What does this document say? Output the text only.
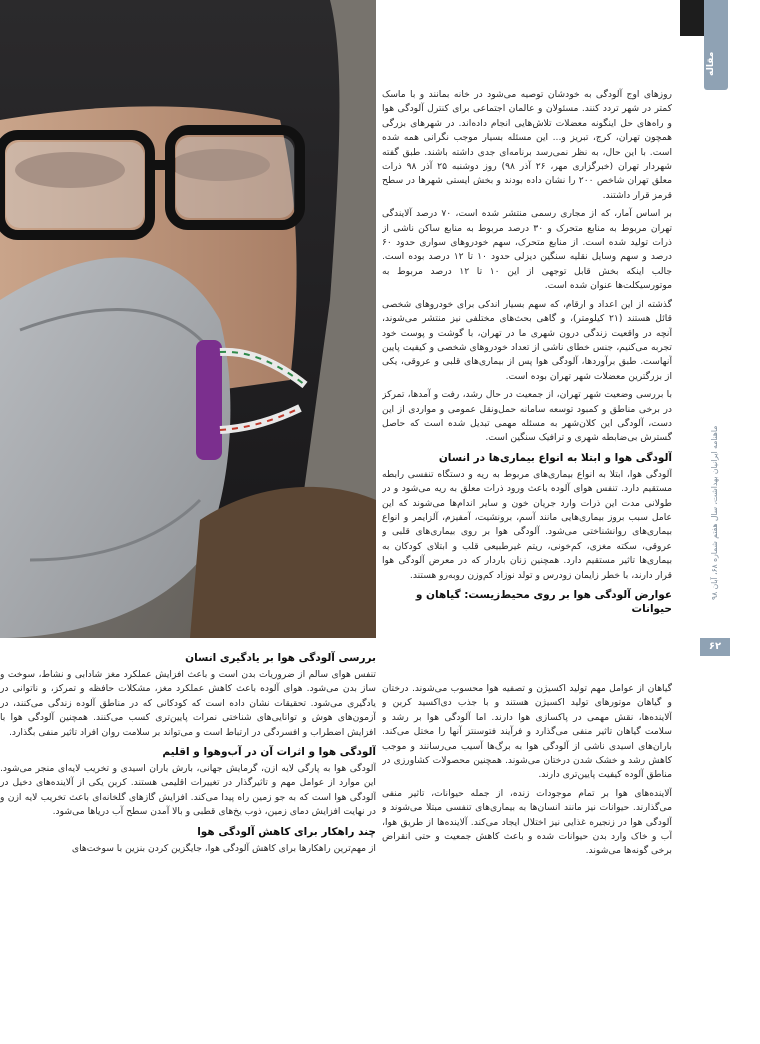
مقاله
ماهنامه ایرانیان بهداشت، سال هفتم شماره ۶۸، آبان ۹۸
۶۲

روزهای اوج آلودگی به خودشان توصیه می‌شود در خانه بمانند و با ماسک کمتر در شهر تردد کنند. مسئولان و عالمان اجتماعی برای کنترل آلودگی هوا و راه‌های حل اینگونه معضلات تلاش‌هایی انجام داده‌اند. در شهرهای بزرگی همچون تهران، کرج، تبریز و... این مسئله بسیار موجب نگرانی همه شده است. با این حال، به نظر نمی‌رسد برنامه‌ای جدی داشته باشند. طبق گفته شهردار تهران (خبرگزاری مهر، ۲۶ آذر ۹۸) روز دوشنبه ۲۵ آذر ۹۸ ذرات معلق تهران شاخص ۲۰۰ را نشان داده بودند و بخش ایستی شهرها در سطح قرمز قرار داشتند.

بر اساس آمار، که از مجاری رسمی منتشر شده است، ۷۰ درصد آلایندگی تهران مربوط به منابع متحرک و ۳۰ درصد مربوط به منابع ساکن ناشی از ذرات تولید شده است. از منابع متحرک، سهم خودروهای سواری حدود ۶۰ درصد و سهم وسایل نقلیه سنگین دیزلی حدود ۱۰ تا ۱۲ درصد بوده است. جالب اینکه بخش قابل توجهی از این ۱۰ تا ۱۲ درصد مربوط به موتورسیکلت‌ها عنوان شده است.

گذشته از این اعداد و ارقام، که سهم بسیار اندکی برای خودروهای شخصی قائل هستند (۲۱ کیلومتر)، و گاهی بحث‌های مختلفی نیز منتشر می‌شوند، آنچه در واقعیت زندگی درون شهری ما در تهران، با گوشت و پوست خود تجربه می‌کنیم، جنس خطای ناشی از تعداد خودروهای شخصی و کیفیت پایین آنهاست. طبق برآوردها، آلودگی هوا پس از بیماری‌های قلبی و عروقی، یکی از بزرگترین معضلات شهر تهران بوده است.

با بررسی وضعیت شهر تهران، از جمعیت در حال رشد، رفت و آمدها، تمرکز در برخی مناطق و کمبود توسعه سامانه حمل‌ونقل عمومی و مواردی از این دست، آلودگی این کلان‌شهر به مسئله مهمی تبدیل شده است که حاصل گسترش بی‌ضابطه شهری و ترافیک سنگین است.

آلودگی هوا و ابتلا به انواع بیماری‌ها در انسان

آلودگی هوا، ابتلا به انواع بیماری‌های مربوط به ریه و دستگاه تنفسی رابطه مستقیم دارد. تنفس هوای آلوده باعث ورود ذرات معلق به ریه می‌شود و در طولانی مدت این ذرات وارد جریان خون و سایر اندام‌ها می‌شوند که این عامل سبب بروز بیماری‌هایی مانند آسم، برونشیت، آمفیزم، آلزایمر و انواع بیماری‌های روانشناختی می‌شود. آلودگی هوا بر روی بیماری‌های قلبی و عروقی، سکته مغزی، کم‌خونی، ریتم غیرطبیعی قلب و ابتلای کودکان به بیماری‌ها تاثیر مستقیم دارد. همچنین زنان باردار که در معرض آلودگی هوا قرار دارند، با خطر زایمان زودرس و تولد نوزاد کم‌وزن روبه‌رو هستند.

عوارض آلودگی هوا بر روی محیط‌زیست: گیاهان و حیوانات

گیاهان از عوامل مهم تولید اکسیژن و تصفیه هوا محسوب می‌شوند. درختان و گیاهان موتورهای تولید اکسیژن هستند و با جذب دی‌اکسید کربن و آلاینده‌ها، نقش مهمی در پاکسازی هوا دارند. اما آلودگی هوا بر رشد و سلامت گیاهان تاثیر منفی می‌گذارد و فرآیند فتوسنتز آنها را مختل می‌کند. باران‌های اسیدی ناشی از آلودگی هوا به برگ‌ها آسیب می‌رسانند و موجب کاهش رشد و خشک شدن درختان می‌شوند. همچنین محصولات کشاورزی در مناطق آلوده کیفیت پایین‌تری دارند.

آلاینده‌های هوا بر تمام موجودات زنده، از جمله حیوانات، تاثیر منفی می‌گذارند. حیوانات نیز مانند انسان‌ها به بیماری‌های تنفسی مبتلا می‌شوند و آلودگی هوا در زنجیره غذایی نیز اختلال ایجاد می‌کند. آلاینده‌ها از طریق هوا، آب و خاک وارد بدن حیوانات شده و باعث کاهش جمعیت و حتی انقراض برخی گونه‌ها می‌شوند.

بررسی آلودگی هوا بر یادگیری انسان

تنفس هوای سالم از ضروریات بدن است و باعث افزایش عملکرد مغز شادابی و نشاط، سوخت و ساز بدن می‌شود. هوای آلوده باعث کاهش عملکرد مغز، مشکلات حافظه و تمرکز، و ناتوانی در یادگیری می‌شود. تحقیقات نشان داده است که کودکانی که در مناطق آلوده زندگی می‌کنند، در آزمون‌های هوش و توانایی‌های شناختی نمرات پایین‌تری کسب می‌کنند. همچنین آلودگی هوا با افزایش اضطراب و افسردگی در ارتباط است و می‌تواند بر سلامت روان افراد تاثیر منفی بگذارد.

آلودگی هوا و اثرات آن در آب‌وهوا و اقلیم

آلودگی هوا به پارگی لایه ازن، گرمایش جهانی، بارش باران اسیدی و تخریب لایه‌ای منجر می‌شود. این موارد از عوامل مهم و تاثیرگذار در تغییرات اقلیمی هستند. کربن یکی از آلاینده‌های دخیل در آلودگی هوا است که به جو زمین راه پیدا می‌کند. افزایش گازهای گلخانه‌ای باعث تخریب لایه ازن و در نهایت افزایش دمای زمین، ذوب یخ‌های قطبی و بالا آمدن سطح آب دریاها می‌شود.

چند راهکار برای کاهش آلودگی هوا

از مهم‌ترین راهکارها برای کاهش آلودگی هوا، جایگزین کردن بنزین با سوخت‌های
